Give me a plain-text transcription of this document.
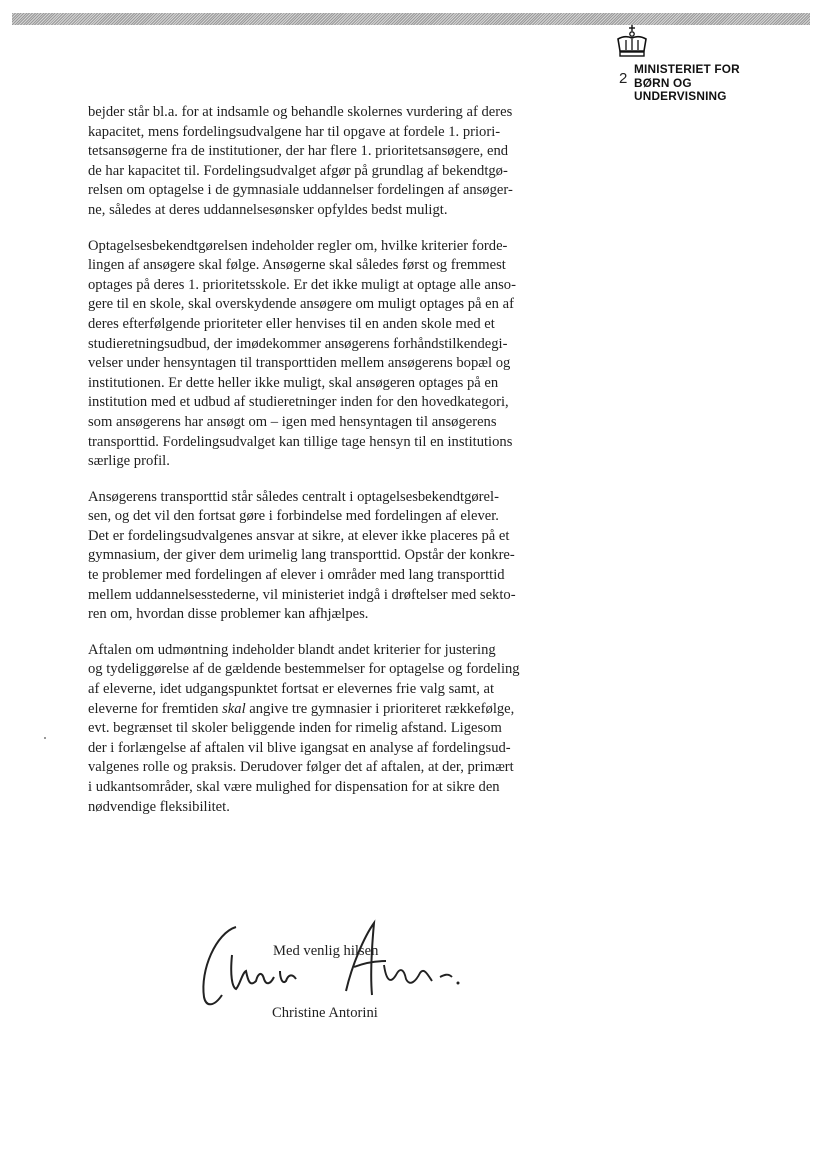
2
MINISTERIET FOR
BØRN OG
UNDERVISNING
bejder står bl.a. for at indsamle og behandle skolernes vurdering af deres
kapacitet, mens fordelingsudvalgene har til opgave at fordele 1. priori-
tetsansøgerne fra de institutioner, der har flere 1. prioritetsansøgere, end
de har kapacitet til. Fordelingsudvalget afgør på grundlag af bekendtgø-
relsen om optagelse i de gymnasiale uddannelser fordelingen af ansøger-
ne, således at deres uddannelsesønsker opfyldes bedst muligt.
Optagelsesbekendtgørelsen indeholder regler om, hvilke kriterier forde-
lingen af ansøgere skal følge. Ansøgerne skal således først og fremmest
optages på deres 1. prioritetsskole. Er det ikke muligt at optage alle anso-
gere til en skole, skal overskydende ansøgere om muligt optages på en af
deres efterfølgende prioriteter eller henvises til en anden skole med et
studieretningsudbud, der imødekommer ansøgerens forhåndstilkendegi-
velser under hensyntagen til transporttiden mellem ansøgerens bopæl og
institutionen. Er dette heller ikke muligt, skal ansøgeren optages på en
institution med et udbud af studieretninger inden for den hovedkategori,
som ansøgerens har ansøgt om – igen med hensyntagen til ansøgerens
transporttid. Fordelingsudvalget kan tillige tage hensyn til en institutions
særlige profil.
Ansøgerens transporttid står således centralt i optagelsesbekendtgørel-
sen, og det vil den fortsat gøre i forbindelse med fordelingen af elever.
Det er fordelingsudvalgenes ansvar at sikre, at elever ikke placeres på et
gymnasium, der giver dem urimelig lang transporttid. Opstår der konkre-
te problemer med fordelingen af elever i områder med lang transporttid
mellem uddannelsesstederne, vil ministeriet indgå i drøftelser med sekto-
ren om, hvordan disse problemer kan afhjælpes.
Aftalen om udmøntning indeholder blandt andet kriterier for justering
og tydeliggørelse af de gældende bestemmelser for optagelse og fordeling
af eleverne, idet udgangspunktet fortsat er elevernes frie valg samt, at
eleverne for fremtiden skal angive tre gymnasier i prioriteret rækkefølge,
evt. begrænset til skoler beliggende inden for rimelig afstand. Ligesom
der i forlængelse af aftalen vil blive igangsat en analyse af fordelingsud-
valgenes rolle og praksis. Derudover følger det af aftalen, at der, primært
i udkantsområder, skal være mulighed for dispensation for at sikre den
nødvendige fleksibilitet.
Med venlig hilsen
Christine Antorini
